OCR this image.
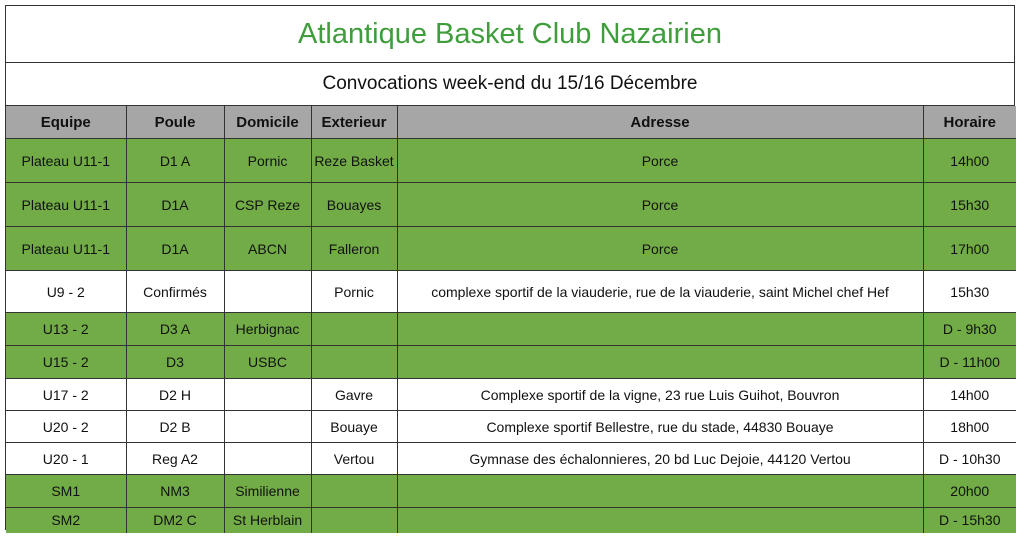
Atlantique Basket Club Nazairien
Convocations week-end du 15/16 Décembre
Equipe	Poule	Domicile	Exterieur	Adresse	Horaire
Plateau U11-1	D1 A	Pornic	Reze Basket	Porce	14h00
Plateau U11-1	D1A	CSP Reze	Bouayes	Porce	15h30
Plateau U11-1	D1A	ABCN	Falleron	Porce	17h00
U9 - 2	Confirmés		Pornic	complexe sportif de la viauderie, rue de la viauderie, saint Michel chef Hef	15h30
U13 - 2	D3 A	Herbignac			D - 9h30
U15 - 2	D3	USBC			D - 11h00
U17 - 2	D2 H		Gavre	Complexe sportif de la vigne, 23 rue Luis Guihot, Bouvron	14h00
U20 - 2	D2 B		Bouaye	Complexe sportif Bellestre, rue du stade, 44830 Bouaye	18h00
U20 - 1	Reg A2		Vertou	Gymnase des échalonnieres, 20 bd Luc Dejoie, 44120 Vertou	D - 10h30
SM1	NM3	Similienne			20h00
SM2	DM2 C	St Herblain			D - 15h30
